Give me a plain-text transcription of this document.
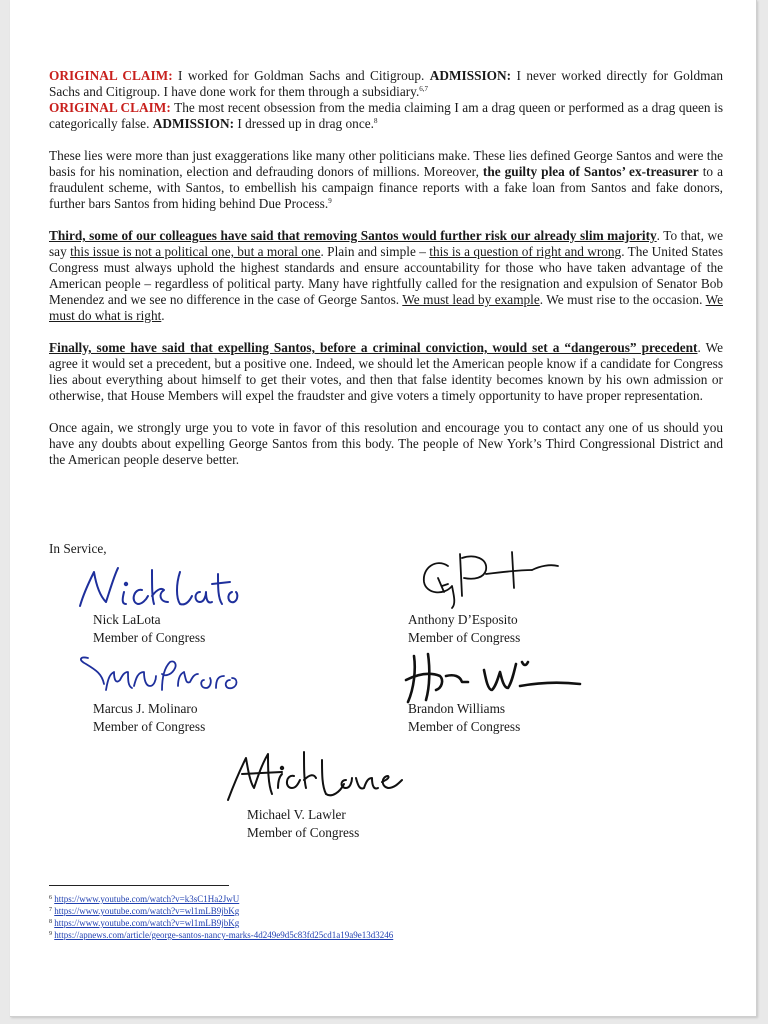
ORIGINAL CLAIM: I worked for Goldman Sachs and Citigroup. ADMISSION: I never worked directly for Goldman Sachs and Citigroup. I have done work for them through a subsidiary.$^{6,7}$
ORIGINAL CLAIM: The most recent obsession from the media claiming I am a drag queen or performed as a drag queen is categorically false. ADMISSION: I dressed up in drag once.$^8$

These lies were more than just exaggerations like many other politicians make. These lies defined George Santos and were the basis for his nomination, election and defrauding donors of millions. Moreover, the guilty plea of Santos’ ex-treasurer to a fraudulent scheme, with Santos, to embellish his campaign finance reports with a fake loan from Santos and fake donors, further bars Santos from hiding behind Due Process.$^9$

Third, some of our colleagues have said that removing Santos would further risk our already slim majority. To that, we say this issue is not a political one, but a moral one. Plain and simple – this is a question of right and wrong. The United States Congress must always uphold the highest standards and ensure accountability for those who have taken advantage of the American people – regardless of political party. Many have rightfully called for the resignation and expulsion of Senator Bob Menendez and we see no difference in the case of George Santos. We must lead by example. We must rise to the occasion. We must do what is right.

Finally, some have said that expelling Santos, before a criminal conviction, would set a “dangerous” precedent. We agree it would set a precedent, but a positive one. Indeed, we should let the American people know if a candidate for Congress lies about everything about himself to get their votes, and then that false identity becomes known by his own admission or otherwise, that House Members will expel the fraudster and give voters a timely opportunity to have proper representation.

Once again, we strongly urge you to vote in favor of this resolution and encourage you to contact any one of us should you have any doubts about expelling George Santos from this body. The people of New York’s Third Congressional District and the American people deserve better.

In Service,
Nick LaLota
Member of Congress
Anthony D’Esposito
Member of Congress
Marcus J. Molinaro
Member of Congress
Brandon Williams
Member of Congress
Michael V. Lawler
Member of Congress
$^6$ https://www.youtube.com/watch?v=k3sC1Ha2JwU
$^7$ https://www.youtube.com/watch?v=wl1mLB9jbKg
$^8$ https://www.youtube.com/watch?v=wl1mLB9jbKg
$^9$ https://apnews.com/article/george-santos-nancy-marks-4d249e9d5c83fd25cd1a19a9e13d3246
